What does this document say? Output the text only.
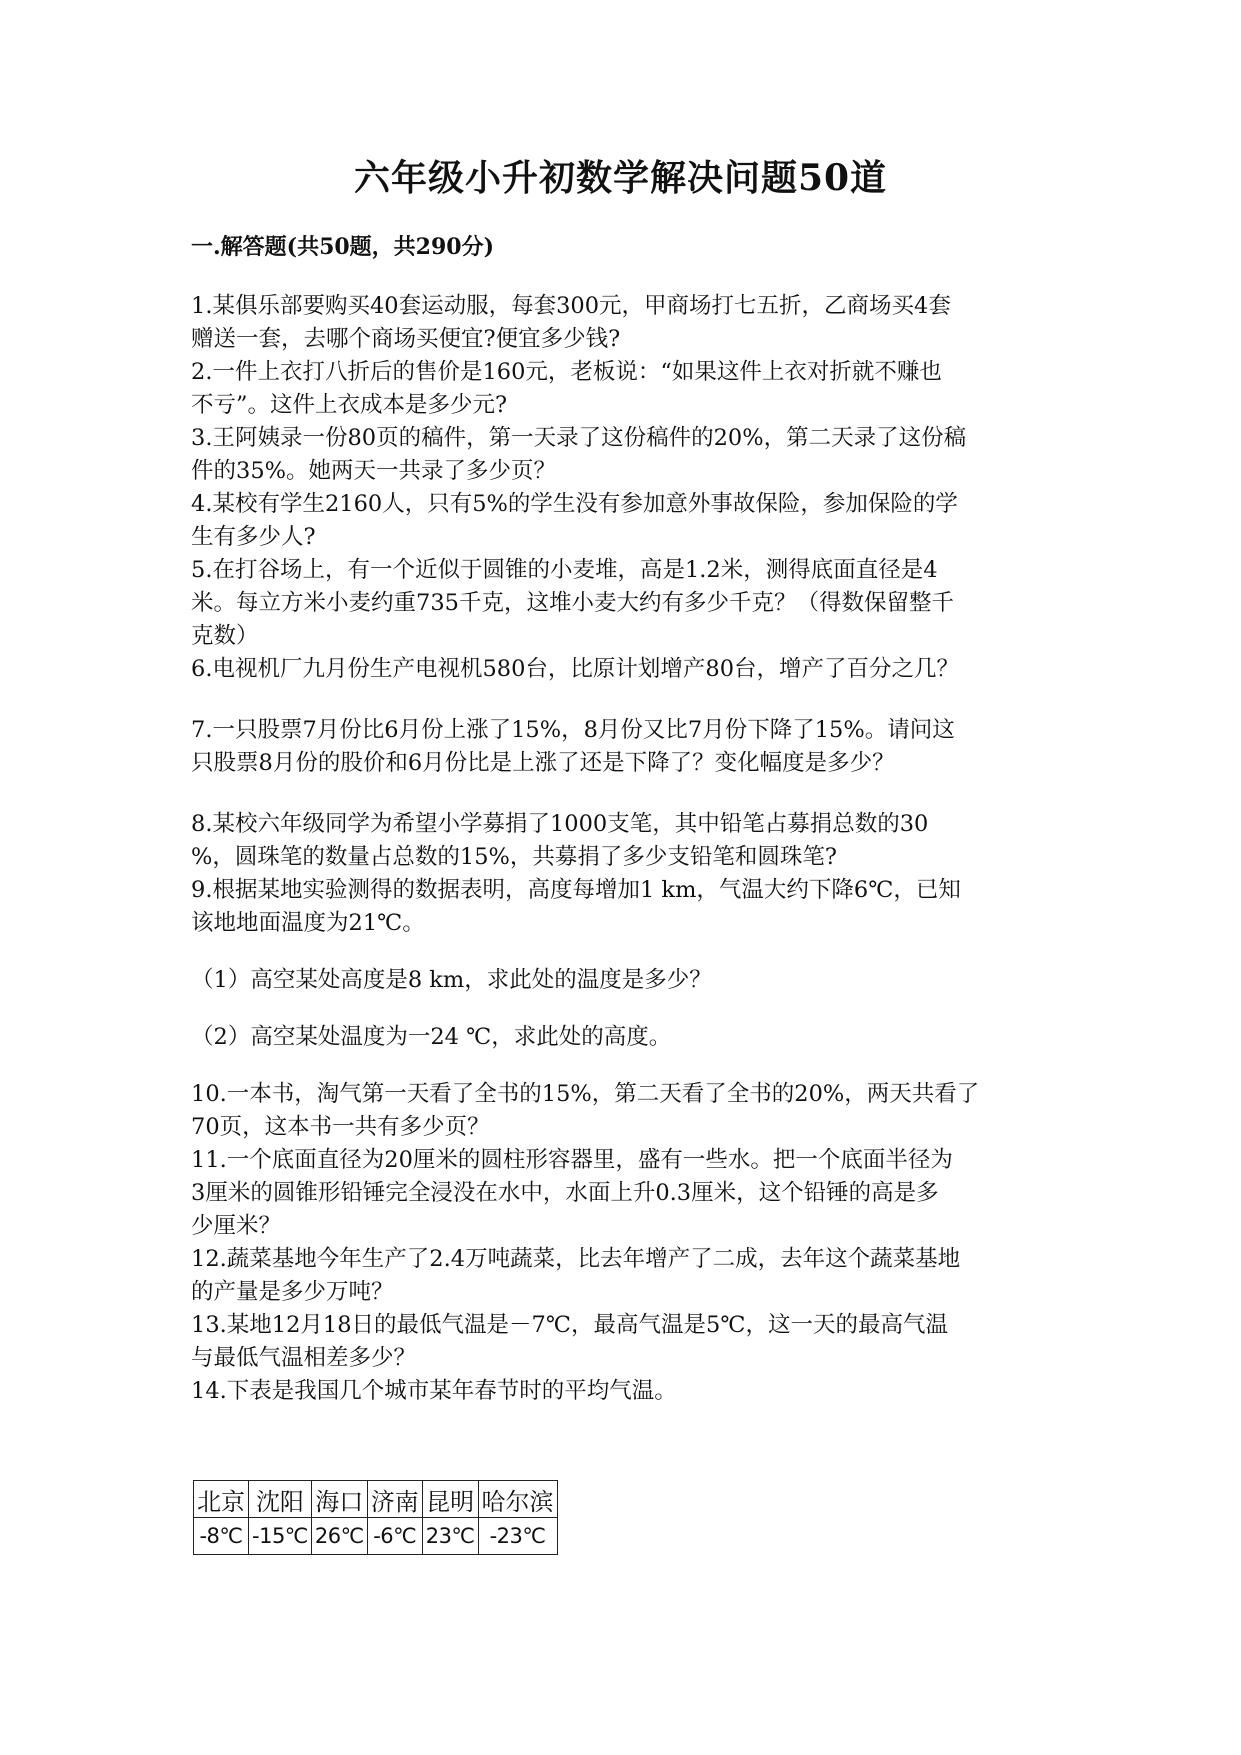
六年级小升初数学解决问题50道
一.解答题(共50题，共290分)

1.某俱乐部要购买40套运动服，每套300元，甲商场打七五折，乙商场买4套

赠送一套，去哪个商场买便宜?便宜多少钱?

2.一件上衣打八折后的售价是160元，老板说：“如果这件上衣对折就不赚也

不亏”。这件上衣成本是多少元?

3.王阿姨录一份80页的稿件，第一天录了这份稿件的20%，第二天录了这份稿

件的35%。她两天一共录了多少页？

4.某校有学生2160人，只有5%的学生没有参加意外事故保险，参加保险的学

生有多少人?

5.在打谷场上，有一个近似于圆锥的小麦堆，高是1.2米，测得底面直径是4

米。每立方米小麦约重735千克，这堆小麦大约有多少千克？（得数保留整千

克数）

6.电视机厂九月份生产电视机580台，比原计划增产80台，增产了百分之几？

7.一只股票7月份比6月份上涨了15%，8月份又比7月份下降了15%。请问这

只股票8月份的股价和6月份比是上涨了还是下降了？变化幅度是多少？

8.某校六年级同学为希望小学募捐了1000支笔，其中铅笔占募捐总数的30

%，圆珠笔的数量占总数的15%，共募捐了多少支铅笔和圆珠笔?

9.根据某地实验测得的数据表明，高度每增加1 km，气温大约下降6℃，已知

该地地面温度为21℃。

（1）高空某处高度是8 km，求此处的温度是多少？

（2）高空某处温度为一24 ℃，求此处的高度。

10.一本书，淘气第一天看了全书的15%，第二天看了全书的20%，两天共看了

70页，这本书一共有多少页？

11.一个底面直径为20厘米的圆柱形容器里，盛有一些水。把一个底面半径为

3厘米的圆锥形铅锤完全浸没在水中，水面上升0.3厘米，这个铅锤的高是多

少厘米？

12.蔬菜基地今年生产了2.4万吨蔬菜，比去年增产了二成，去年这个蔬菜基地

的产量是多少万吨？

13.某地12月18日的最低气温是－7℃，最高气温是5℃，这一天的最高气温

与最低气温相差多少？

14.下表是我国几个城市某年春节时的平均气温。

北京	沈阳	海口	济南	昆明	哈尔滨
-8℃	-15℃	26℃	-6℃	23℃	-23℃
